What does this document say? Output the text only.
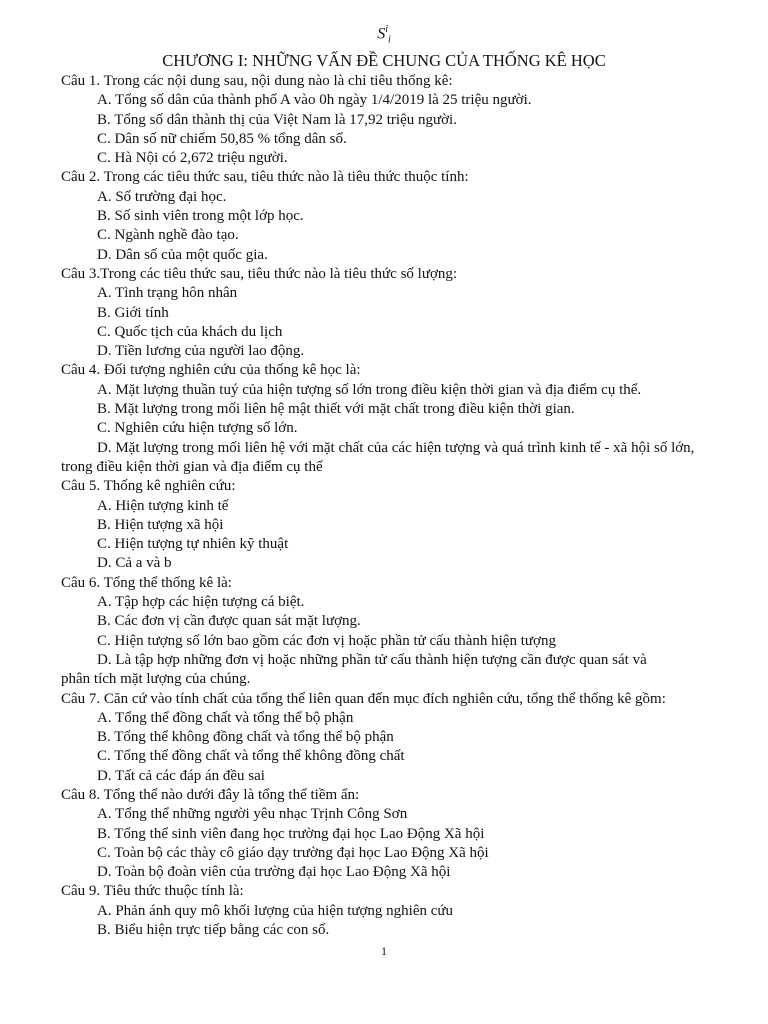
$S^i_i$
CHƯƠNG I: NHỮNG VẤN ĐỀ CHUNG CỦA THỐNG KÊ HỌC

Câu 1. Trong các nội dung sau, nội dung nào là chỉ tiêu thống kê:

A. Tổng số dân của thành phố A vào 0h ngày 1/4/2019 là 25 triệu người.

B. Tổng số dân thành thị của Việt Nam là 17,92 triệu người.

C. Dân số nữ chiếm 50,85 % tổng dân số.

C. Hà Nội có 2,672 triệu người.

Câu 2. Trong các tiêu thức sau, tiêu thức nào là tiêu thức thuộc tính:

A. Số trường đại học.

B. Số sinh viên trong một lớp học.

C. Ngành nghề đào tạo.

D. Dân số của một quốc gia.

Câu 3.Trong các tiêu thức sau, tiêu thức nào là tiêu thức số lượng:

A. Tình trạng hôn nhân

B. Giới tính

C. Quốc tịch của khách du lịch

D. Tiền lương của người lao động.

Câu 4. Đối tượng nghiên cứu của thống kê học là:

A. Mặt lượng thuần tuý của hiện tượng số lớn trong điều kiện thời gian và địa điểm cụ thể.

B. Mặt lượng trong mối liên hệ mật thiết với mặt chất trong điều kiện thời gian.

C. Nghiên cứu hiện tượng số lớn.

D. Mặt lượng trong mối liên hệ với mặt chất của các hiện tượng và quá trình kinh tế - xã hội số lớn,

trong điều kiện thời gian và địa điểm cụ thể

Câu 5. Thống kê nghiên cứu:

A. Hiện tượng kinh tế

B. Hiện tượng xã hội

C. Hiện tượng tự nhiên kỹ thuật

D. Cả a và b

Câu 6. Tổng thể thống kê là:

A. Tập hợp các hiện tượng cá biệt.

B. Các đơn vị cần được quan sát mặt lượng.

C. Hiện tượng số lớn bao gồm các đơn vị hoặc phần tử cấu thành hiện tượng

D. Là tập hợp những đơn vị hoặc những phần tử cấu thành hiện tượng cần được quan sát và

phân tích mặt lượng của chúng.

Câu 7. Căn cứ vào tính chất của tổng thể liên quan đến mục đích nghiên cứu, tổng thể thống kê gồm:

A. Tổng thể đồng chất và tổng thể bộ phận

B. Tổng thể không đồng chất và tổng thể bộ phận

C. Tổng thể đồng chất và tổng thể không đồng chất

D. Tất cả các đáp án đều sai

Câu 8. Tổng thể nào dưới đây là tổng thể tiềm ẩn:

A. Tổng thể những người yêu nhạc Trịnh Công Sơn

B. Tổng thể sinh viên đang học trường đại học Lao Động Xã hội

C. Toàn bộ các thày cô giáo dạy trường đại học Lao Động Xã hội

D. Toàn bộ đoàn viên của trường đại học Lao Động Xã hội

Câu 9. Tiêu thức thuộc tính là:

A. Phản ánh quy mô khối lượng của hiện tượng nghiên cứu

B. Biểu hiện trực tiếp bằng các con số.

1
